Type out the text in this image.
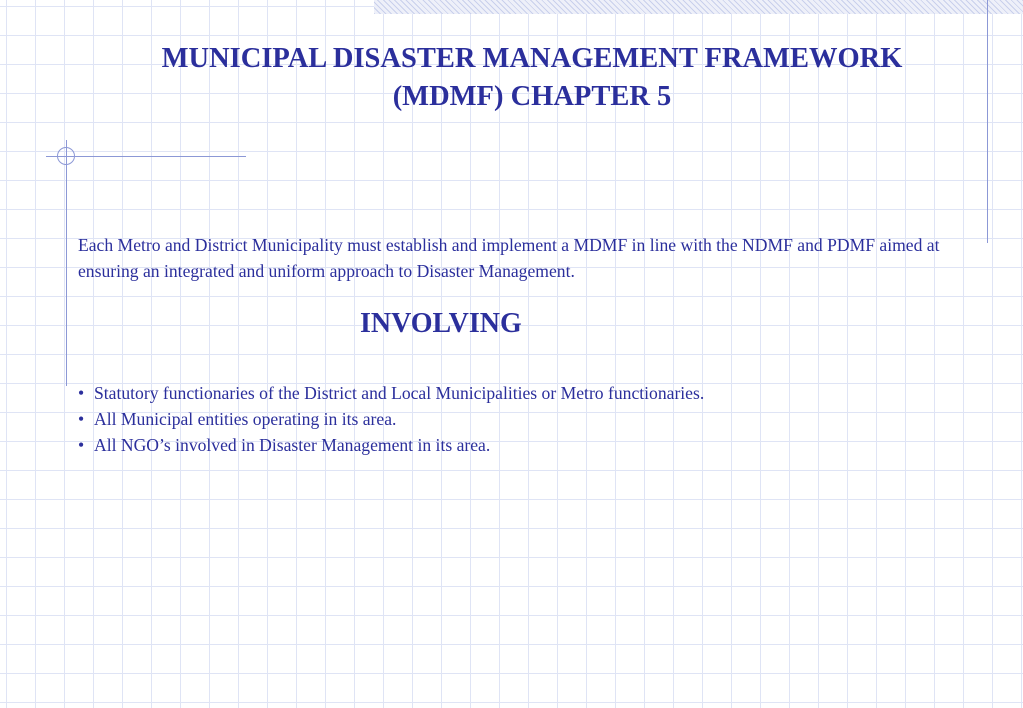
MUNICIPAL DISASTER MANAGEMENT FRAMEWORK
(MDMF) CHAPTER 5
Each Metro and District Municipality must establish and implement a MDMF in line with the NDMF and PDMF aimed at ensuring an integrated and uniform approach to Disaster Management.
INVOLVING
• Statutory functionaries of the District and Local Municipalities or Metro functionaries.
• All Municipal entities operating in its area.
• All NGO’s involved in Disaster Management in its area.
